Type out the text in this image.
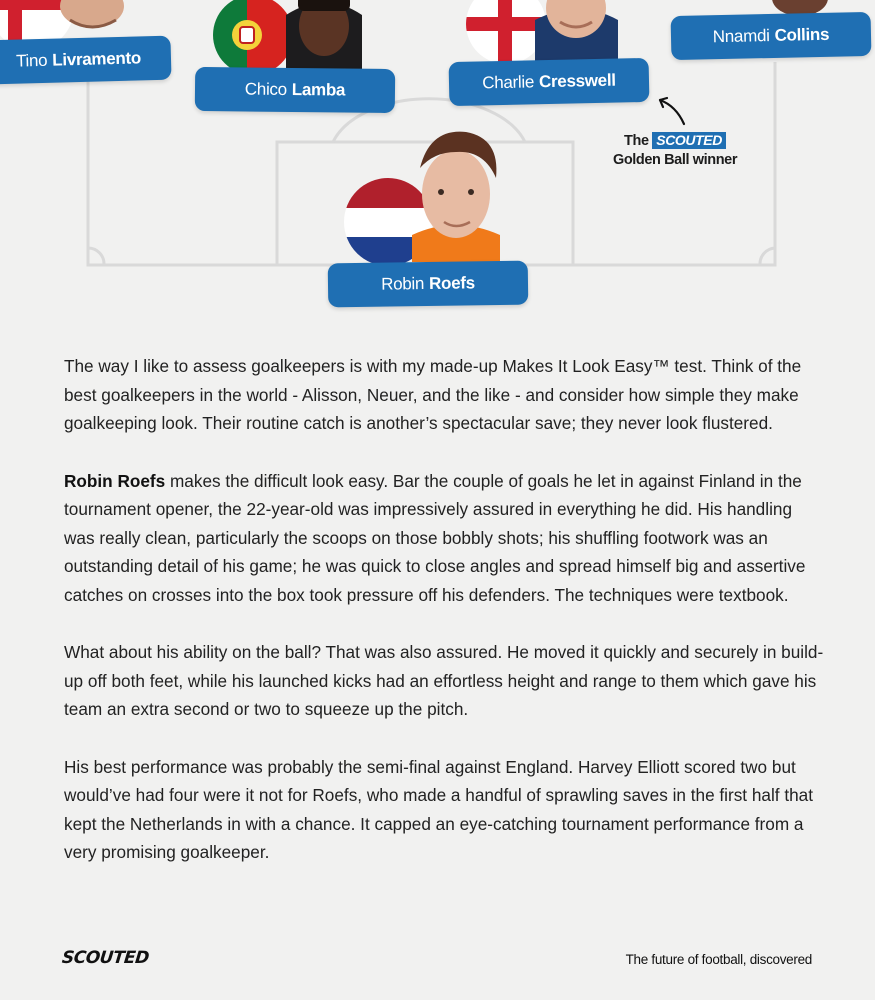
Tino Livramento
Chico Lamba	Charlie Cresswell
Nnamdi Collins
Robin Roefs
The SCOUTED
Golden Ball winner

The way I like to assess goalkeepers is with my made-up Makes It Look Easy™ test. Think of the best goalkeepers in the world - Alisson, Neuer, and the like - and consider how simple they make goalkeeping look. Their routine catch is another’s spectacular save; they never look flustered.

Robin Roefs makes the difficult look easy. Bar the couple of goals he let in against Finland in the tournament opener, the 22-year-old was impressively assured in everything he did. His handling was really clean, particularly the scoops on those bobbly shots; his shuffling footwork was an outstanding detail of his game; he was quick to close angles and spread himself big and assertive catches on crosses into the box took pressure off his defenders. The techniques were textbook.

What about his ability on the ball? That was also assured. He moved it quickly and securely in build-up off both feet, while his launched kicks had an effortless height and range to them which gave his team an extra second or two to squeeze up the pitch.

His best performance was probably the semi-final against England. Harvey Elliott scored two but would’ve had four were it not for Roefs, who made a handful of sprawling saves in the first half that kept the Netherlands in with a chance. It capped an eye-catching tournament performance from a very promising goalkeeper.

SCOUTED	The future of football, discovered
